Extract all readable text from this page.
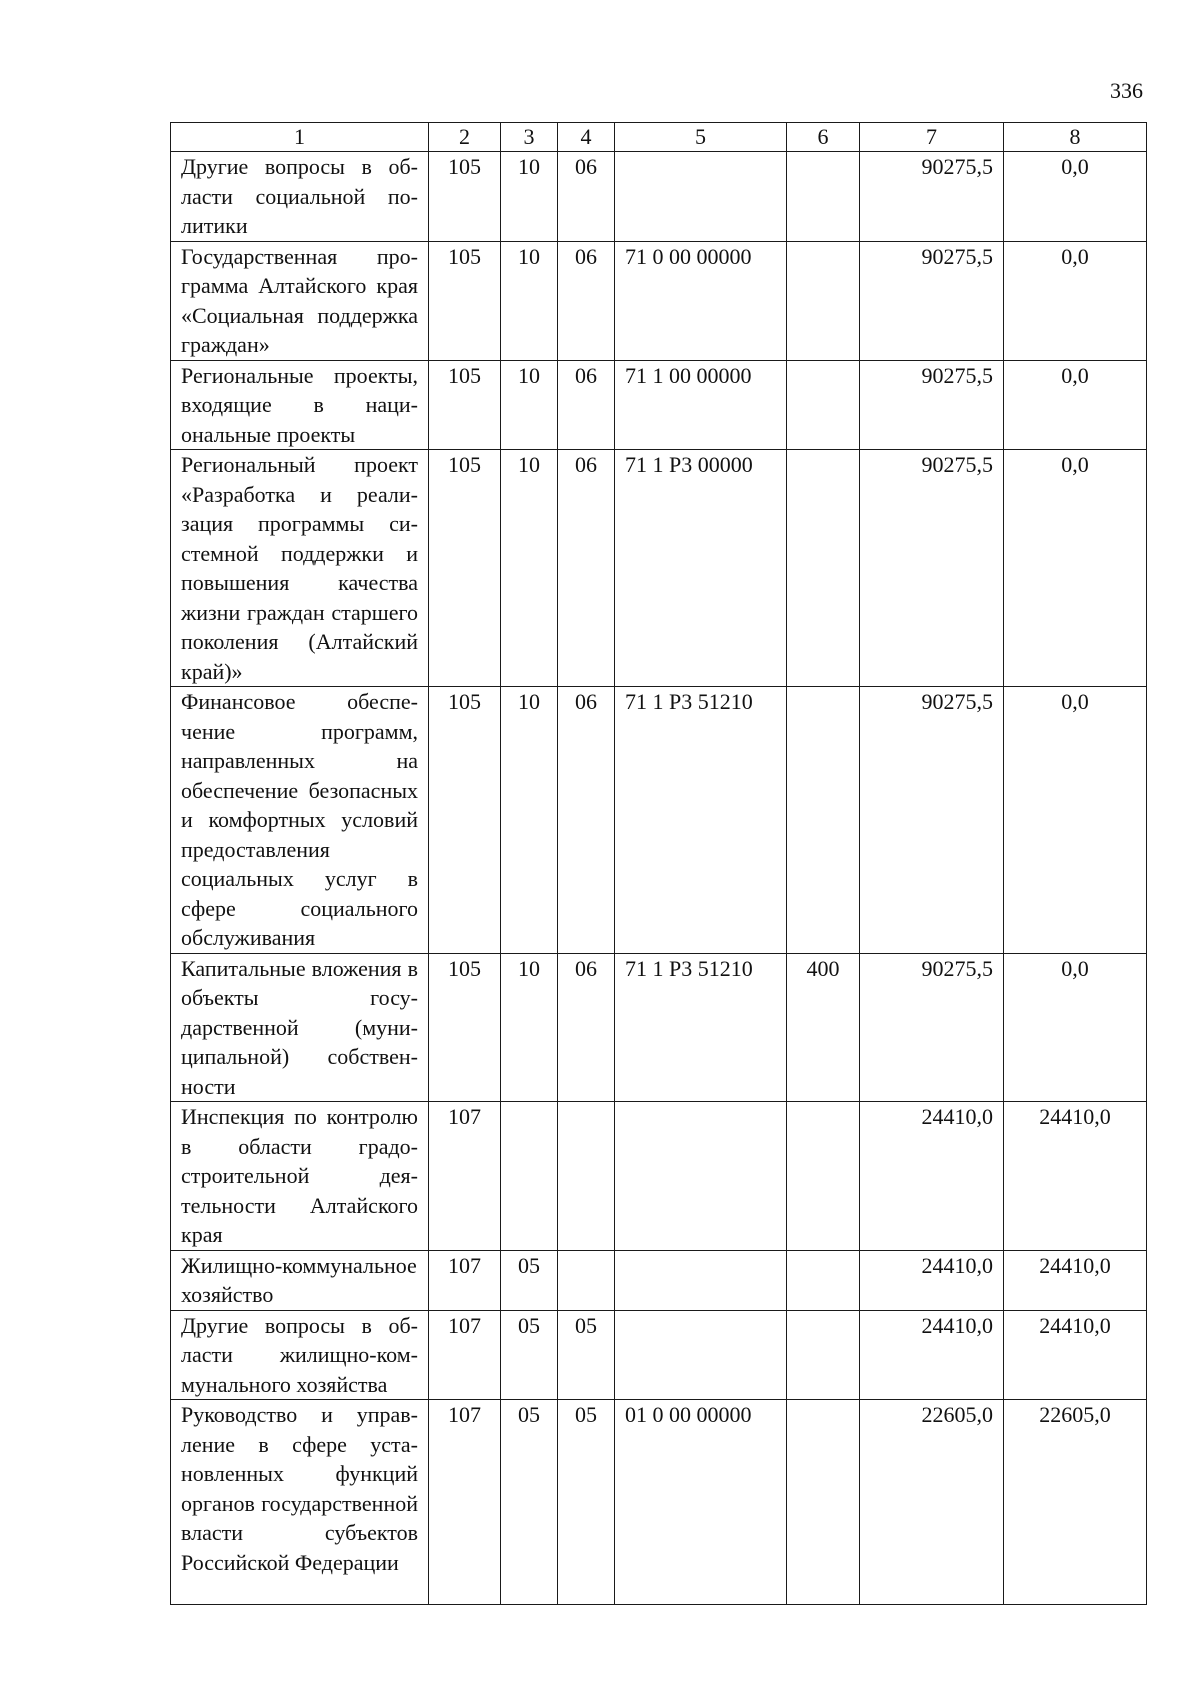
336
1	2	3	4	5	6	7	8
Другие вопросы в области социальной политики	105	10	06			90275,5	0,0
Государственная программа Алтайского края «Социальная поддержка граждан»	105	10	06	71 0 00 00000		90275,5	0,0
Региональные проекты, входящие в национальные проекты	105	10	06	71 1 00 00000		90275,5	0,0
Региональный проект «Разработка и реализация программы системной поддержки и повышения качества жизни граждан старшего поколения (Алтайский край)»	105	10	06	71 1 Р3 00000		90275,5	0,0
Финансовое обеспечение программ, направленных на обеспечение безопасных и комфортных условий предоставления социальных услуг в сфере социального обслуживания	105	10	06	71 1 Р3 51210		90275,5	0,0
Капитальные вложения в объекты государственной (муниципальной) собственности	105	10	06	71 1 Р3 51210	400	90275,5	0,0
Инспекция по контролю в области градостроительной деятельности Алтайского края	107					24410,0	24410,0
Жилищно-коммунальное хозяйство	107	05				24410,0	24410,0
Другие вопросы в области жилищно-коммунального хозяйства	107	05	05			24410,0	24410,0
Руководство и управление в сфере установленных функций органов государственной власти субъектов Российской Федерации	107	05	05	01 0 00 00000		22605,0	22605,0
